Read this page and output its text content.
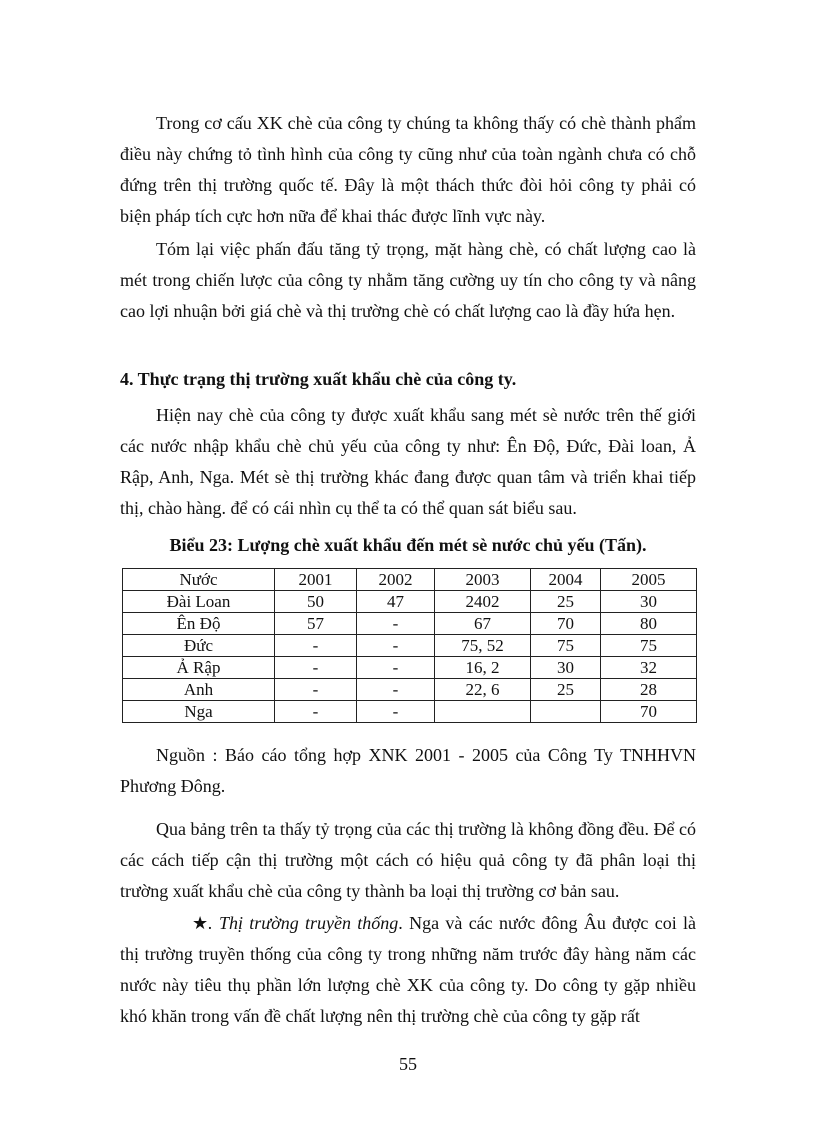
Trong cơ cấu XK chè của công ty chúng ta không thấy có chè thành phẩm điều này chứng tỏ tình hình của công ty cũng như của toàn ngành chưa có chỗ đứng trên thị trường quốc tế. Đây là một thách thức đòi hỏi công ty phải có biện pháp tích cực hơn nữa để khai thác được lĩnh vực này.

Tóm lại việc phấn đấu tăng tỷ trọng, mặt hàng chè, có chất lượng cao là mét trong chiến lược của công ty nhằm tăng cường uy tín cho công ty và nâng cao lợi nhuận bởi giá chè và thị trường chè có chất lượng cao là đầy hứa hẹn.

4. Thực trạng thị trường xuất khẩu chè của công ty.

Hiện nay chè của công ty được xuất khẩu sang mét sè nước trên thế giới các nước nhập khẩu chè chủ yếu của công ty như: Ên Độ, Đức, Đài loan, Ả Rập, Anh, Nga. Mét sè thị trường khác đang được quan tâm và triển khai tiếp thị, chào hàng. để có cái nhìn cụ thể ta có thể quan sát biểu sau.

Biểu 23: Lượng chè xuất khẩu đến mét sè nước chủ yếu (Tấn).
Nước	2001	2002	2003	2004	2005
Đài Loan	50	47	2402	25	30
Ên Độ	57	-	67	70	80
Đức	-	-	75, 52	75	75
Ả Rập	-	-	16, 2	30	32
Anh	-	-	22, 6	25	28
Nga	-	-			70

Nguồn : Báo cáo tổng hợp XNK 2001 - 2005 của Công Ty TNHHVN Phương Đông.

Qua bảng trên ta thấy tỷ trọng của các thị trường là không đồng đều. Để có các cách tiếp cận thị trường một cách có hiệu quả công ty đã phân loại thị trường xuất khẩu chè của công ty thành ba loại thị trường cơ bản sau.

★. Thị trường truyền thống. Nga và các nước đông Âu được coi là thị trường truyền thống của công ty trong những năm trước đây hàng năm các nước này tiêu thụ phần lớn lượng chè XK của công ty. Do công ty gặp nhiều khó khăn trong vấn đề chất lượng nên thị trường chè của công ty gặp rất

55
